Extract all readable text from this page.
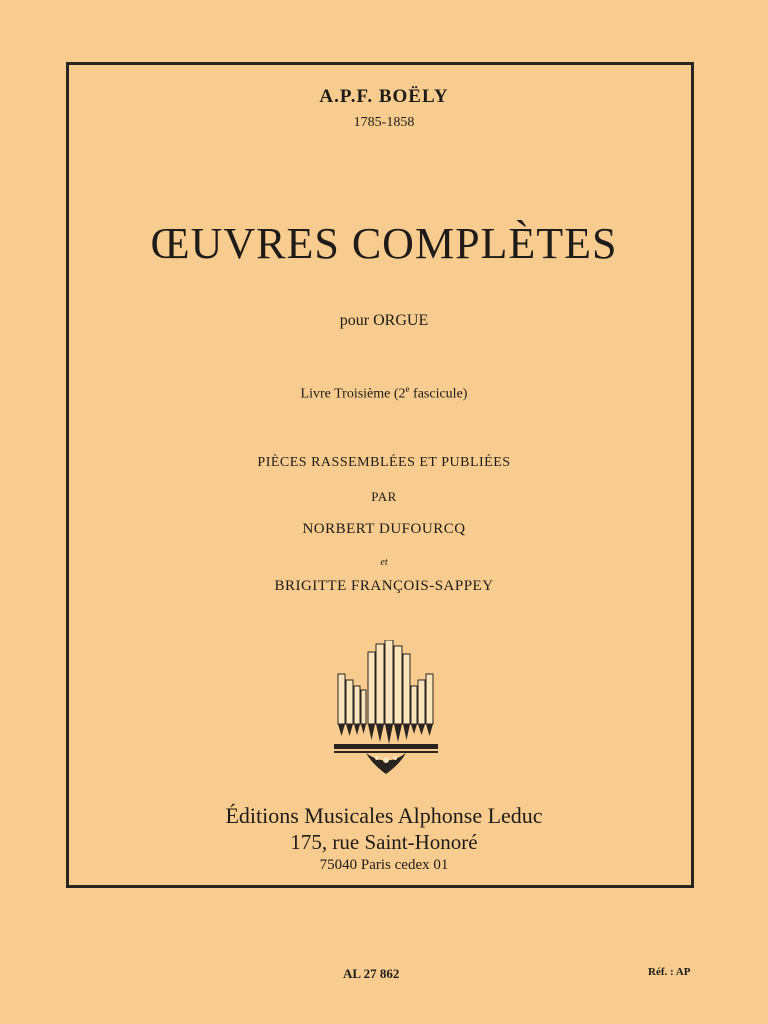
A.P.F. BOËLY
1785-1858
ŒUVRES COMPLÈTES
pour ORGUE
Livre Troisième (2e fascicule)
PIÈCES RASSEMBLÉES ET PUBLIÉES
PAR
NORBERT DUFOURCQ
et
BRIGITTE FRANÇOIS-SAPPEY
Éditions Musicales Alphonse Leduc
175, rue Saint-Honoré
75040 Paris cedex 01
AL 27 862	Réf. : AP
